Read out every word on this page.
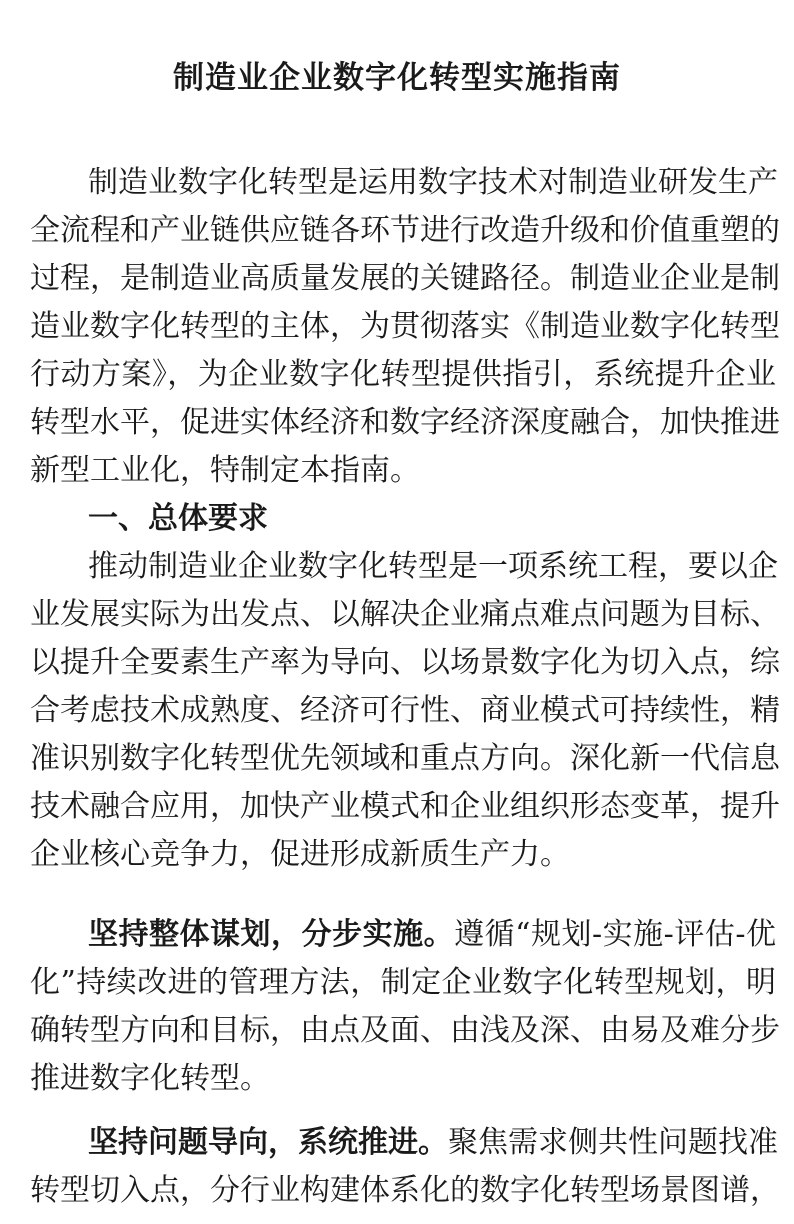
制造业企业数字化转型实施指南
制造业数字化转型是运用数字技术对制造业研发生产
全流程和产业链供应链各环节进行改造升级和价值重塑的
过程，是制造业高质量发展的关键路径。制造业企业是制
造业数字化转型的主体，为贯彻落实《制造业数字化转型
行动方案》，为企业数字化转型提供指引，系统提升企业
转型水平，促进实体经济和数字经济深度融合，加快推进
新型工业化，特制定本指南。
一、总体要求
推动制造业企业数字化转型是一项系统工程，要以企
业发展实际为出发点、以解决企业痛点难点问题为目标、
以提升全要素生产率为导向、以场景数字化为切入点，综
合考虑技术成熟度、经济可行性、商业模式可持续性，精
准识别数字化转型优先领域和重点方向。深化新一代信息
技术融合应用，加快产业模式和企业组织形态变革，提升
企业核心竞争力，促进形成新质生产力。
坚持整体谋划，分步实施。遵循“规划-实施-评估-优
化”持续改进的管理方法，制定企业数字化转型规划，明
确转型方向和目标，由点及面、由浅及深、由易及难分步
推进数字化转型。
坚持问题导向，系统推进。聚焦需求侧共性问题找准
转型切入点，分行业构建体系化的数字化转型场景图谱，
